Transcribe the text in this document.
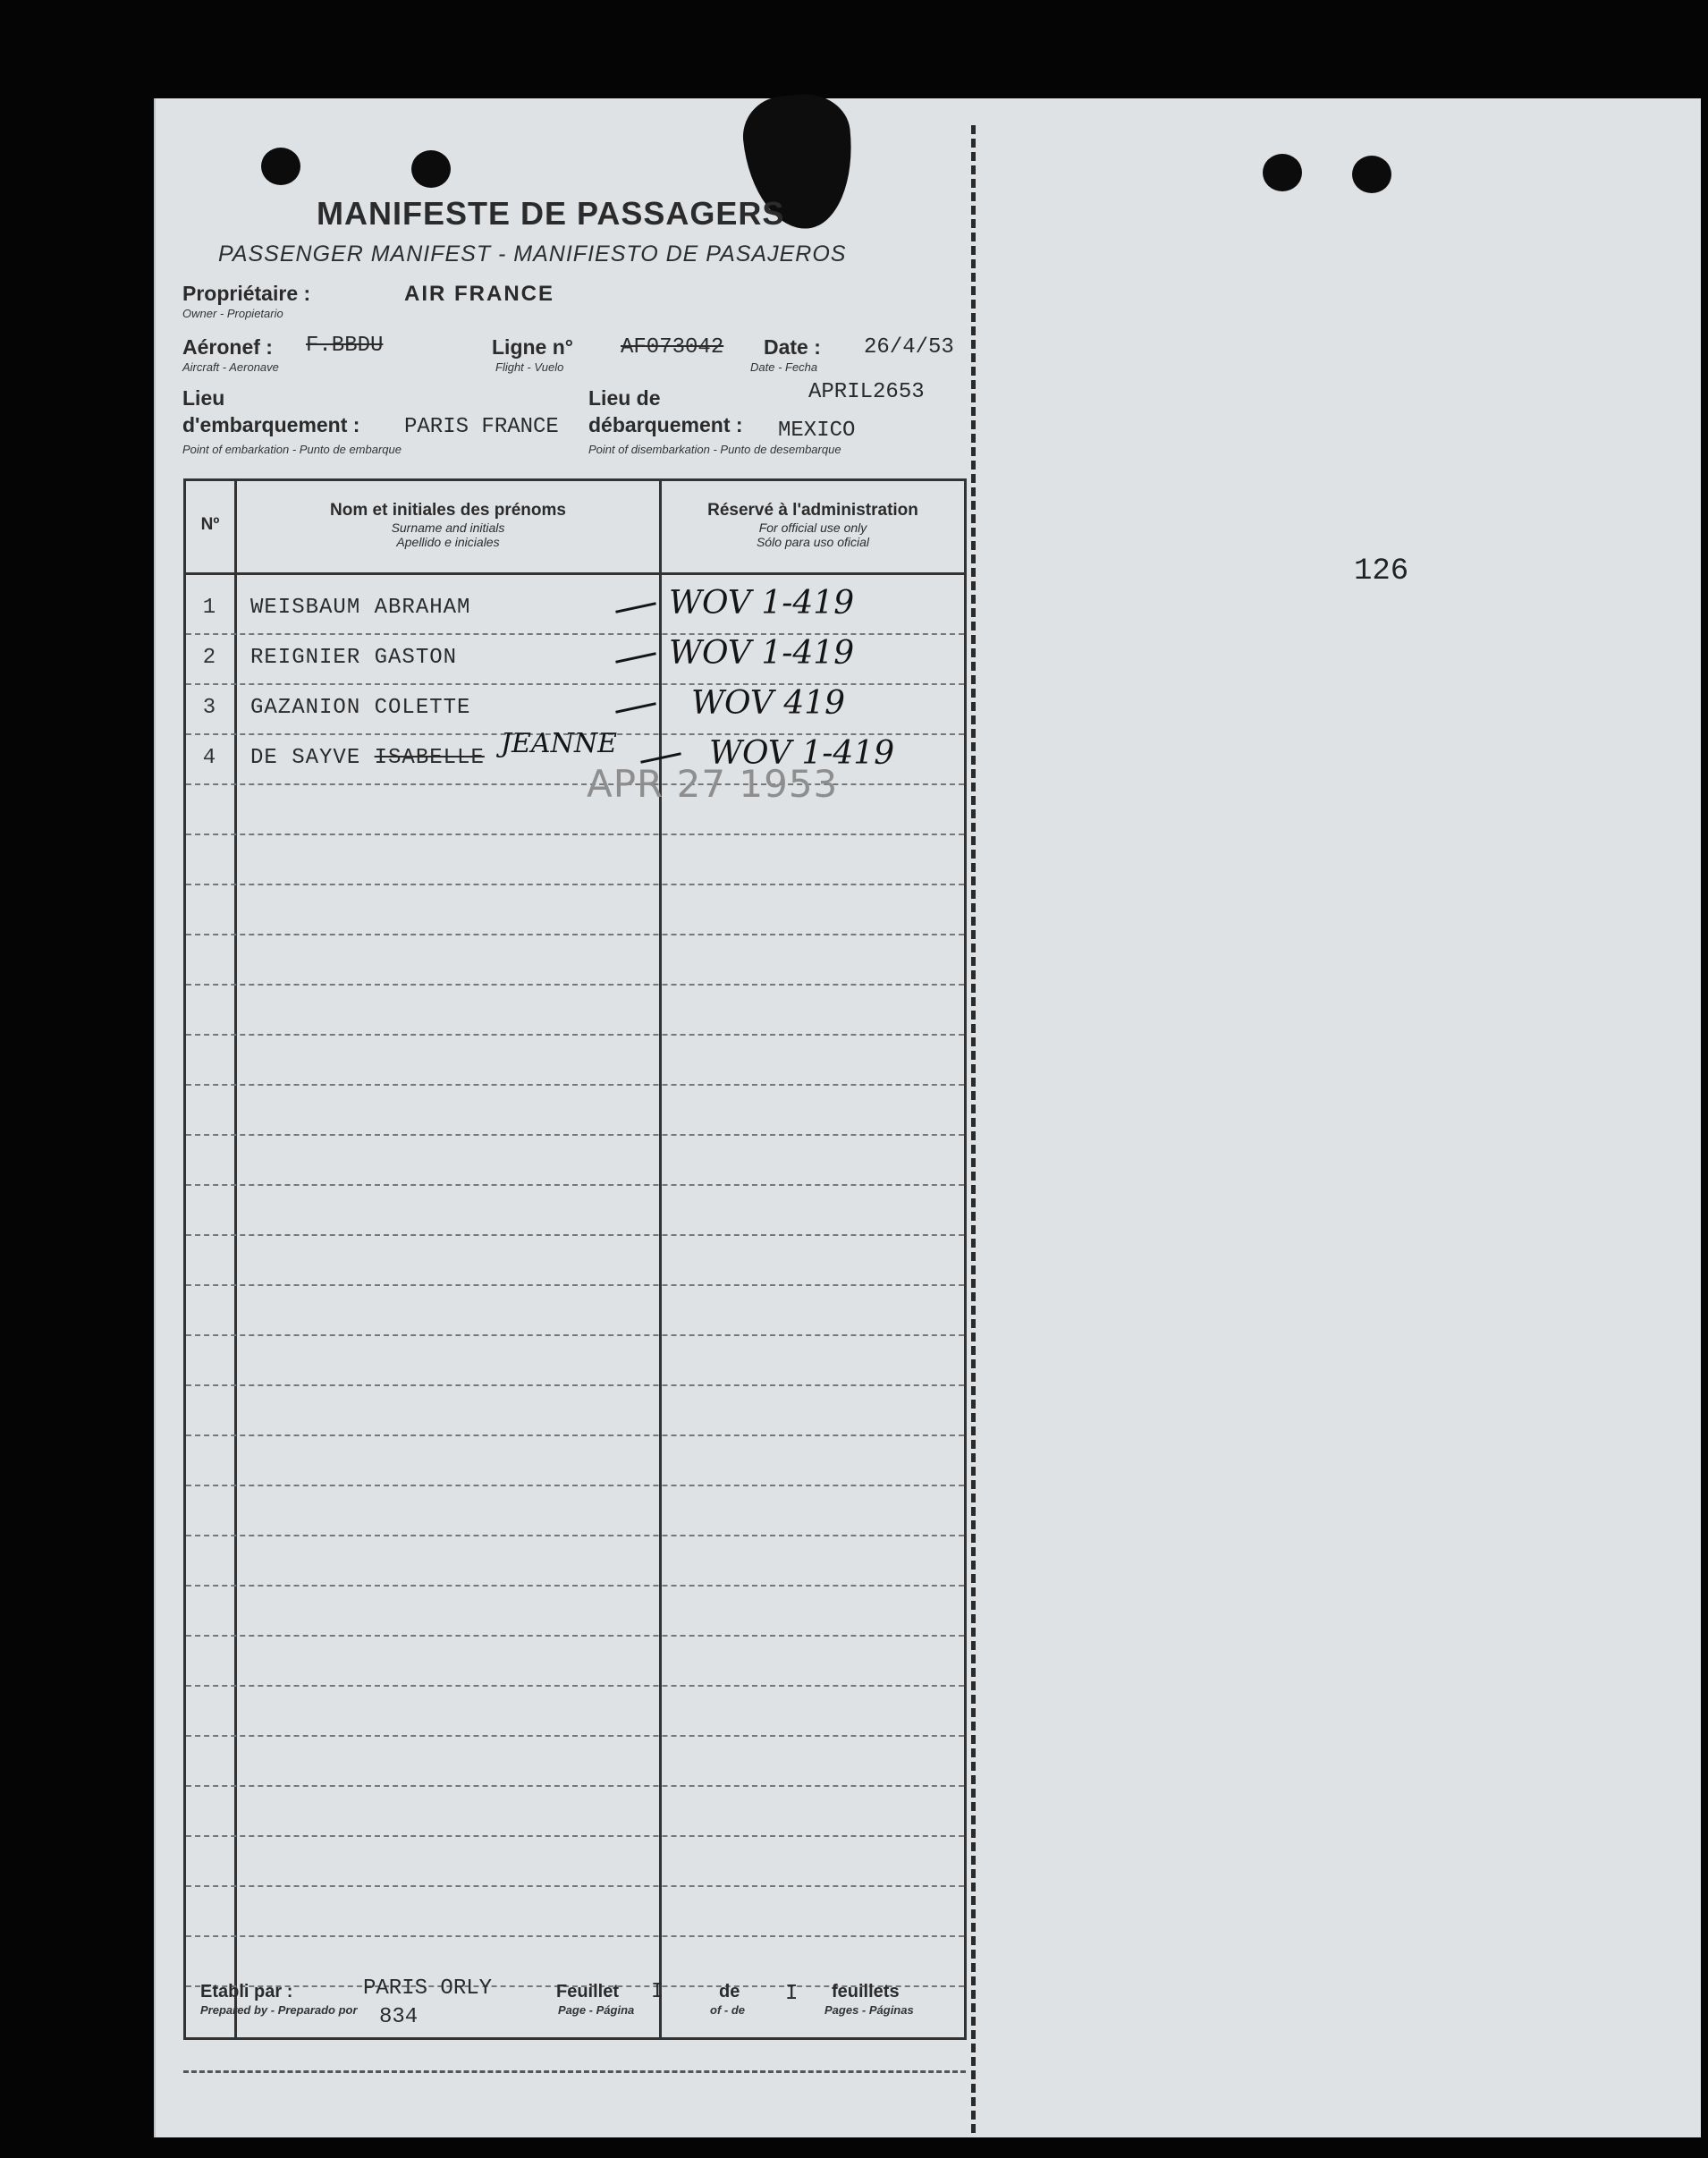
MANIFESTE DE PASSAGERS
PASSENGER MANIFEST - MANIFIESTO DE PASAJEROS
Propriétaire :	AIR FRANCE
Owner - Propietario
Aéronef : F.BBDU
Aircraft - Aeronave
Ligne n° AF073042
Flight - Vuelo
Date : 26/4/53
Date - Fecha
APRIL2653
Lieu
d'embarquement : PARIS FRANCE
Point of embarkation - Punto de embarque
Lieu de
débarquement : MEXICO
Point of disembarkation - Punto de desembarque
Nº
Nom et initiales des prénoms
Surname and initials
Apellido e iniciales
Réservé à l'administration
For official use only
Sólo para uso oficial
1 WEISBAUM ABRAHAM	WOV 1-419
2 REIGNIER GASTON	WOV 1-419
3 GAZANION COLETTE	WOV 419
4 DE SAYVE ISABELLE JEANNE	WOV 1-419
APR 27 1953
Etabli par :
Prepared by - Preparado por
PARIS ORLY
834
Feuillet
Page - Página
I	de
of - de
I feuillets
Pages - Páginas
126
